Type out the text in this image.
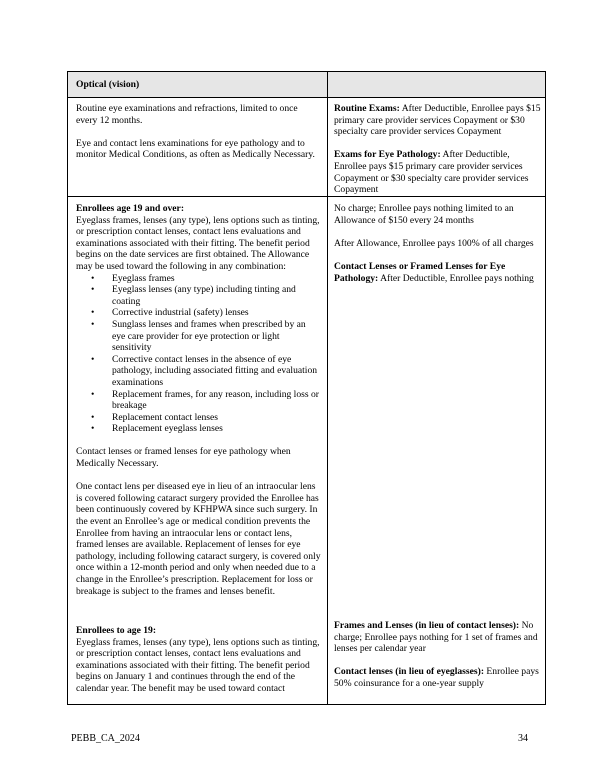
Optical (vision)

Routine eye examinations and refractions, limited to once every 12 months.

Eye and contact lens examinations for eye pathology and to monitor Medical Conditions, as often as Medically Necessary.

Routine Exams: After Deductible, Enrollee pays $15 primary care provider services Copayment or $30 specialty care provider services Copayment

Exams for Eye Pathology: After Deductible, Enrollee pays $15 primary care provider services Copayment or $30 specialty care provider services Copayment

Enrollees age 19 and over:

Eyeglass frames, lenses (any type), lens options such as tinting, or prescription contact lenses, contact lens evaluations and examinations associated with their fitting. The benefit period begins on the date services are first obtained. The Allowance may be used toward the following in any combination:

• Eyeglass frames
• Eyeglass lenses (any type) including tinting and coating
• Corrective industrial (safety) lenses
• Sunglass lenses and frames when prescribed by an eye care provider for eye protection or light sensitivity
• Corrective contact lenses in the absence of eye pathology, including associated fitting and evaluation examinations
• Replacement frames, for any reason, including loss or breakage
• Replacement contact lenses
• Replacement eyeglass lenses

Contact lenses or framed lenses for eye pathology when Medically Necessary.

One contact lens per diseased eye in lieu of an intraocular lens is covered following cataract surgery provided the Enrollee has been continuously covered by KFHPWA since such surgery. In the event an Enrollee’s age or medical condition prevents the Enrollee from having an intraocular lens or contact lens, framed lenses are available. Replacement of lenses for eye pathology, including following cataract surgery, is covered only once within a 12-month period and only when needed due to a change in the Enrollee’s prescription. Replacement for loss or breakage is subject to the frames and lenses benefit.

Enrollees to age 19:

Eyeglass frames, lenses (any type), lens options such as tinting, or prescription contact lenses, contact lens evaluations and examinations associated with their fitting. The benefit period begins on January 1 and continues through the end of the calendar year. The benefit may be used toward contact

No charge; Enrollee pays nothing limited to an Allowance of $150 every 24 months

After Allowance, Enrollee pays 100% of all charges

Contact Lenses or Framed Lenses for Eye Pathology: After Deductible, Enrollee pays nothing

Frames and Lenses (in lieu of contact lenses): No charge; Enrollee pays nothing for 1 set of frames and lenses per calendar year

Contact lenses (in lieu of eyeglasses): Enrollee pays 50% coinsurance for a one-year supply

PEBB_CA_2024	34
